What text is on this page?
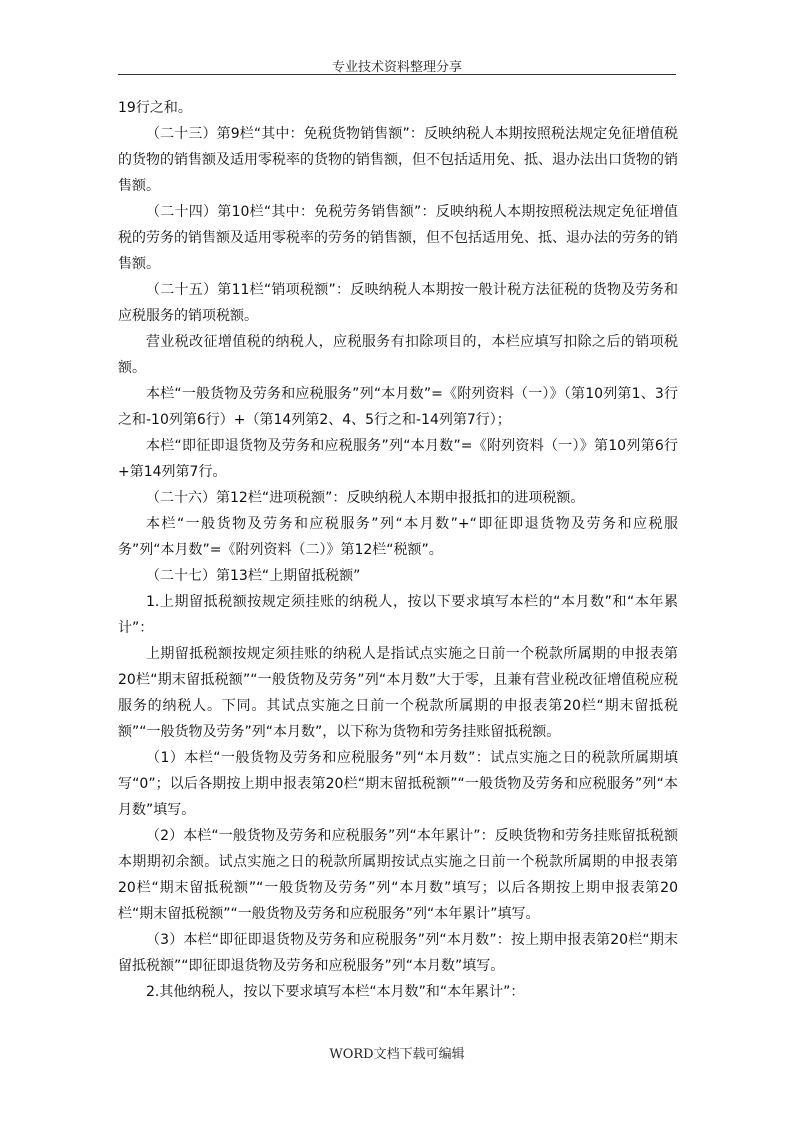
专业技术资料整理分享

19行之和。

（二十三）第9栏“其中：免税货物销售额”：反映纳税人本期按照税法规定免征增值税的货物的销售额及适用零税率的货物的销售额，但不包括适用免、抵、退办法出口货物的销售额。

（二十四）第10栏“其中：免税劳务销售额”：反映纳税人本期按照税法规定免征增值税的劳务的销售额及适用零税率的劳务的销售额，但不包括适用免、抵、退办法的劳务的销售额。

（二十五）第11栏“销项税额”：反映纳税人本期按一般计税方法征税的货物及劳务和应税服务的销项税额。

营业税改征增值税的纳税人，应税服务有扣除项目的，本栏应填写扣除之后的销项税额。

本栏“一般货物及劳务和应税服务”列“本月数”=《附列资料（一）》（第10列第1、3行之和-10列第6行）+（第14列第2、4、5行之和-14列第7行）；

本栏“即征即退货物及劳务和应税服务”列“本月数”=《附列资料（一）》第10列第6行+第14列第7行。

（二十六）第12栏“进项税额”：反映纳税人本期申报抵扣的进项税额。

本栏“一般货物及劳务和应税服务”列“本月数”+“即征即退货物及劳务和应税服务”列“本月数”=《附列资料（二）》第12栏“税额”。

（二十七）第13栏“上期留抵税额”

1.上期留抵税额按规定须挂账的纳税人，按以下要求填写本栏的“本月数”和“本年累计”：

上期留抵税额按规定须挂账的纳税人是指试点实施之日前一个税款所属期的申报表第20栏“期末留抵税额”“一般货物及劳务”列“本月数”大于零，且兼有营业税改征增值税应税服务的纳税人。下同。其试点实施之日前一个税款所属期的申报表第20栏“期末留抵税额”“一般货物及劳务”列“本月数”，以下称为货物和劳务挂账留抵税额。

（1）本栏“一般货物及劳务和应税服务”列“本月数”：试点实施之日的税款所属期填写“0”；以后各期按上期申报表第20栏“期末留抵税额”“一般货物及劳务和应税服务”列“本月数”填写。

（2）本栏“一般货物及劳务和应税服务”列“本年累计”：反映货物和劳务挂账留抵税额本期期初余额。试点实施之日的税款所属期按试点实施之日前一个税款所属期的申报表第20栏“期末留抵税额”“一般货物及劳务”列“本月数”填写；以后各期按上期申报表第20栏“期末留抵税额”“一般货物及劳务和应税服务”列“本年累计”填写。

（3）本栏“即征即退货物及劳务和应税服务”列“本月数”：按上期申报表第20栏“期末留抵税额”“即征即退货物及劳务和应税服务”列“本月数”填写。

2.其他纳税人，按以下要求填写本栏“本月数”和“本年累计”：

WORD文档下载可编辑
